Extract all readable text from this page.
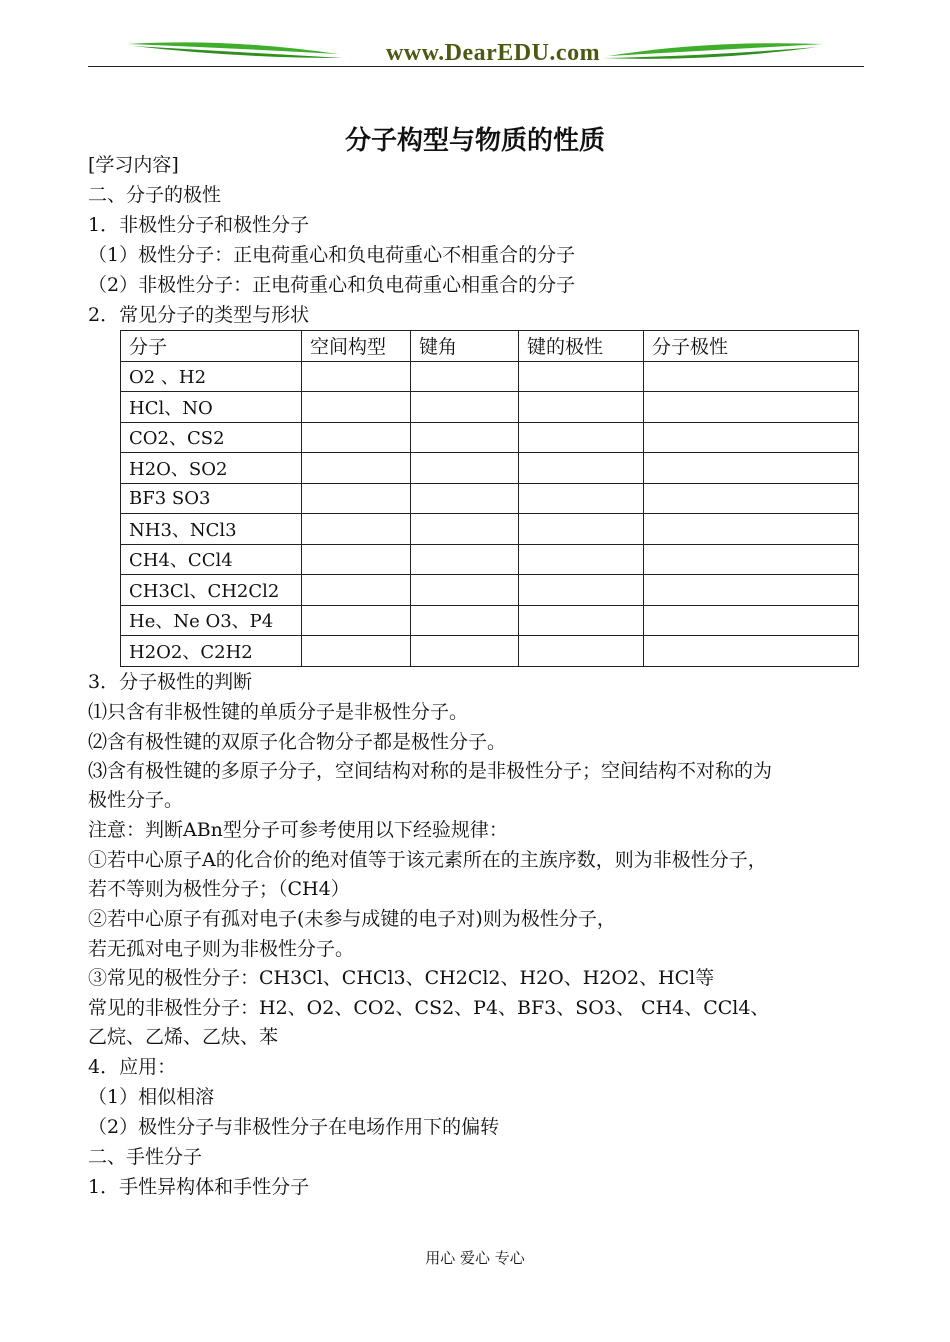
www.DearEDU.com
分子构型与物质的性质
[学习内容]
二、分子的极性
1．非极性分子和极性分子
（1）极性分子：正电荷重心和负电荷重心不相重合的分子
（2）非极性分子：正电荷重心和负电荷重心相重合的分子
2．常见分子的类型与形状
分子	空间构型	键角	键的极性	分子极性
O2 、H2				
HCl、NO				
CO2、CS2				
H2O、SO2				
BF3 SO3				
NH3、NCl3				
CH4、CCl4				
CH3Cl、CH2Cl2				
He、Ne O3、P4				
H2O2、C2H2				
3．分子极性的判断
⑴只含有非极性键的单质分子是非极性分子。
⑵含有极性键的双原子化合物分子都是极性分子。
⑶含有极性键的多原子分子，空间结构对称的是非极性分子；空间结构不对称的为
极性分子。
注意：判断ABn型分子可参考使用以下经验规律：
①若中心原子A的化合价的绝对值等于该元素所在的主族序数，则为非极性分子，
若不等则为极性分子；（CH4）
②若中心原子有孤对电子(未参与成键的电子对)则为极性分子，
若无孤对电子则为非极性分子。
③常见的极性分子：CH3Cl、CHCl3、CH2Cl2、H2O、H2O2、HCl等
常见的非极性分子：H2、O2、CO2、CS2、P4、BF3、SO3、 CH4、CCl4、
乙烷、乙烯、乙炔、苯
4．应用：
（1）相似相溶
（2）极性分子与非极性分子在电场作用下的偏转
二、手性分子
1．手性异构体和手性分子
用心 爱心 专心
